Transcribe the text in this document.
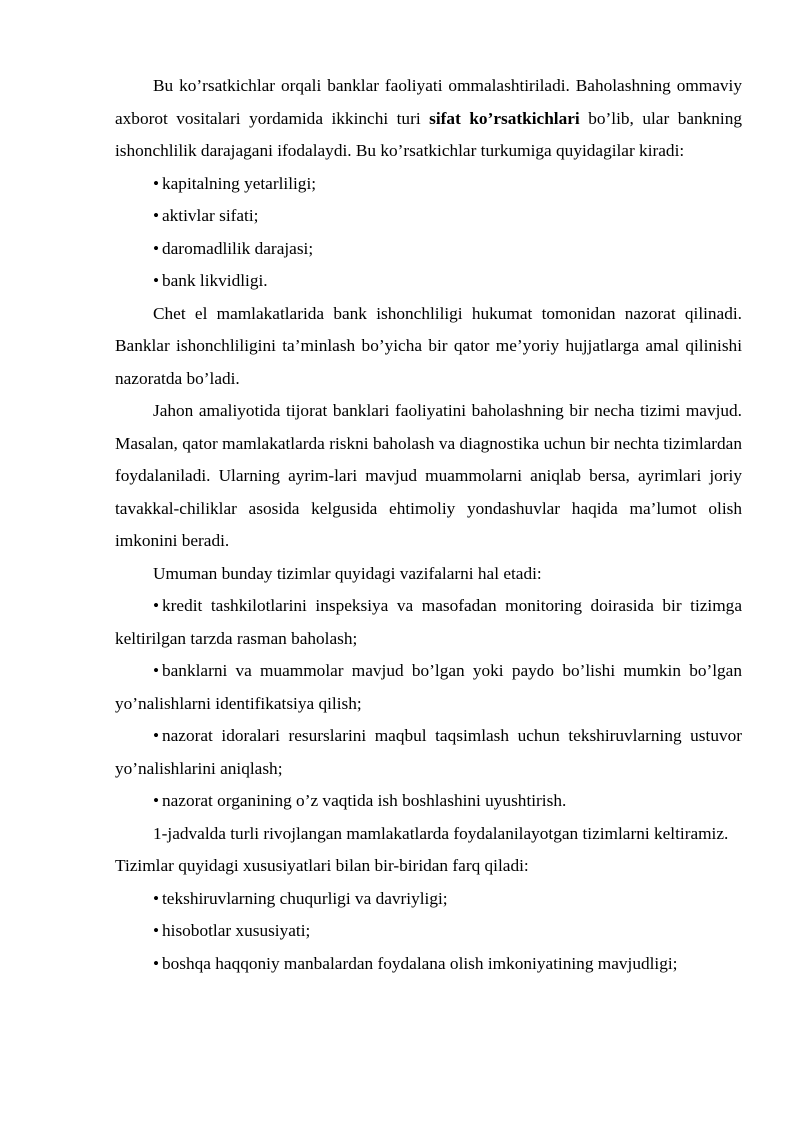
Bu ko’rsatkichlar orqali banklar faoliyati ommalashtiriladi. Baholashning ommaviy axborot vositalari yordamida ikkinchi turi sifat ko’rsatkichlari bo’lib, ular bankning ishonchlilik darajagani ifodalaydi. Bu ko’rsatkichlar turkumiga quyidagilar kiradi:

• kapitalning yetarliligi;

• aktivlar sifati;

• daromadlilik darajasi;

• bank likvidligi.

Chet el mamlakatlarida bank ishonchliligi hukumat tomonidan nazorat qilinadi. Banklar ishonchliligini ta’minlash bo’yicha bir qator me’yoriy hujjatlarga amal qilinishi nazoratda bo’ladi.

Jahon amaliyotida tijorat banklari faoliyatini baholashning bir necha tizimi mavjud. Masalan, qator mamlakatlarda riskni baholash va diagnostika uchun bir nechta tizimlardan foydalaniladi. Ularning ayrim-lari mavjud muammolarni aniqlab bersa, ayrimlari joriy tavakkal-chiliklar asosida kelgusida ehtimoliy yondashuvlar haqida ma’lumot olish imkonini beradi.

Umuman bunday tizimlar quyidagi vazifalarni hal etadi:

• kredit tashkilotlarini inspeksiya va masofadan monitoring doirasida bir tizimga keltirilgan tarzda rasman baholash;

• banklarni va muammolar mavjud bo’lgan yoki paydo bo’lishi mumkin bo’lgan yo’nalishlarni identifikatsiya qilish;

• nazorat idoralari resurslarini maqbul taqsimlash uchun tekshiruvlarning ustuvor yo’nalishlarini aniqlash;

• nazorat organining o’z vaqtida ish boshlashini uyushtirish.

1-jadvalda turli rivojlangan mamlakatlarda foydalanilayotgan tizimlarni keltiramiz.

Tizimlar quyidagi xususiyatlari bilan bir-biridan farq qiladi:

• tekshiruvlarning chuqurligi va davriyligi;

• hisobotlar xususiyati;

• boshqa haqqoniy manbalardan foydalana olish imkoniyatining mavjudligi;
